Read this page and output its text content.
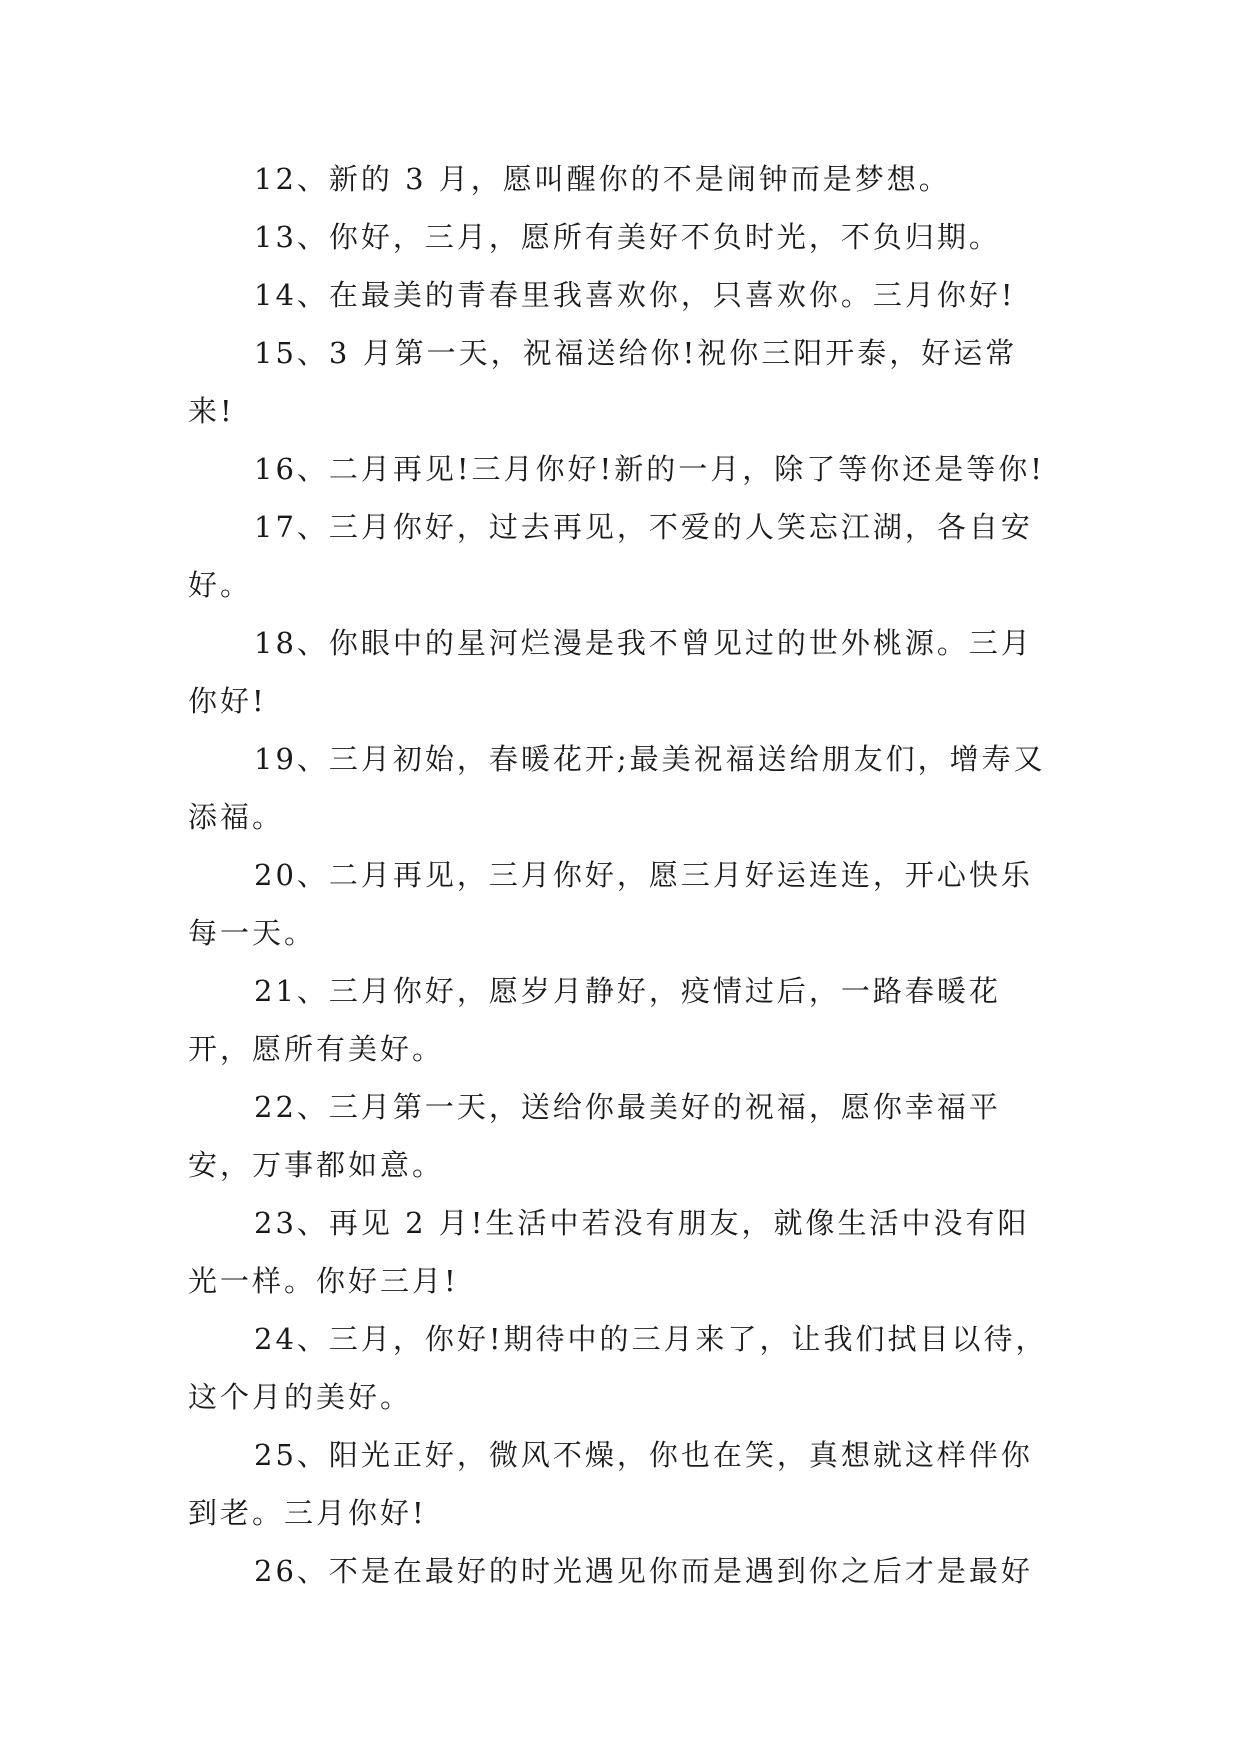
12、新的 3 月，愿叫醒你的不是闹钟而是梦想。

13、你好，三月，愿所有美好不负时光，不负归期。

14、在最美的青春里我喜欢你，只喜欢你。三月你好!

15、3 月第一天，祝福送给你!祝你三阳开泰，好运常来!

16、二月再见!三月你好!新的一月，除了等你还是等你!

17、三月你好，过去再见，不爱的人笑忘江湖，各自安好。

18、你眼中的星河烂漫是我不曾见过的世外桃源。三月你好!

19、三月初始，春暖花开;最美祝福送给朋友们，增寿又添福。

20、二月再见，三月你好，愿三月好运连连，开心快乐每一天。

21、三月你好，愿岁月静好，疫情过后，一路春暖花开，愿所有美好。

22、三月第一天，送给你最美好的祝福，愿你幸福平安，万事都如意。

23、再见 2 月!生活中若没有朋友，就像生活中没有阳光一样。你好三月!

24、三月，你好!期待中的三月来了，让我们拭目以待，这个月的美好。

25、阳光正好，微风不燥，你也在笑，真想就这样伴你到老。三月你好!

26、不是在最好的时光遇见你而是遇到你之后才是最好
